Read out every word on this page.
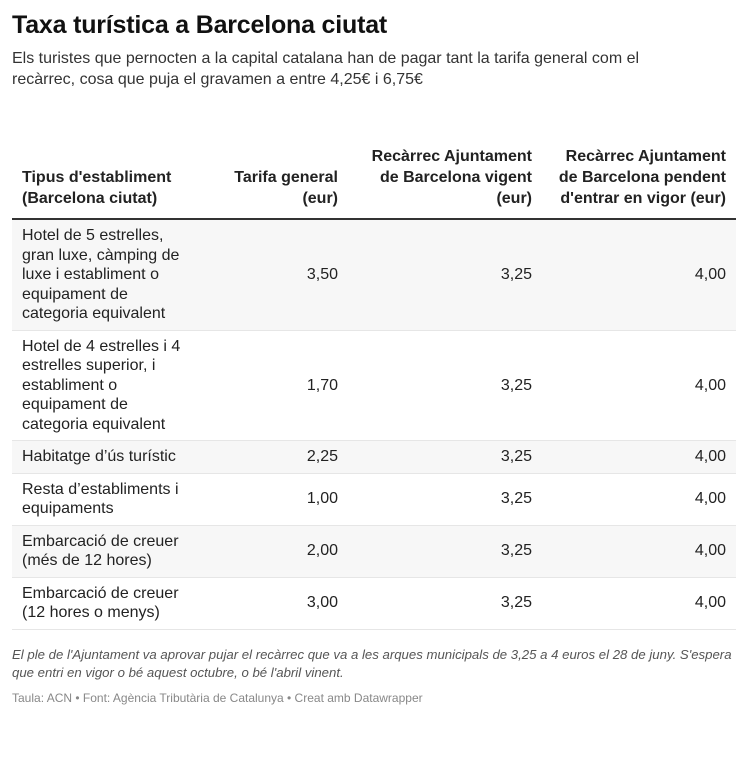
Taxa turística a Barcelona ciutat

Els turistes que pernocten a la capital catalana han de pagar tant la tarifa general com el recàrrec, cosa que puja el gravamen a entre 4,25€ i 6,75€

Tipus d'establiment (Barcelona ciutat)	Tarifa general (eur)	Recàrrec Ajuntament de Barcelona vigent (eur)	Recàrrec Ajuntament de Barcelona pendent d'entrar en vigor (eur)
Hotel de 5 estrelles, gran luxe, càmping de luxe i establiment o equipament de categoria equivalent	3,50	3,25	4,00
Hotel de 4 estrelles i 4 estrelles superior, i establiment o equipament de categoria equivalent	1,70	3,25	4,00
Habitatge d’ús turístic	2,25	3,25	4,00
Resta d’establiments i equipaments	1,00	3,25	4,00
Embarcació de creuer (més de 12 hores)	2,00	3,25	4,00
Embarcació de creuer (12 hores o menys)	3,00	3,25	4,00
El ple de l'Ajuntament va aprovar pujar el recàrrec que va a les arques municipals de 3,25 a 4 euros el 28 de juny. S'espera que entri en vigor o bé aquest octubre, o bé l'abril vinent.
Taula: ACN • Font: Agència Tributària de Catalunya • Creat amb Datawrapper
